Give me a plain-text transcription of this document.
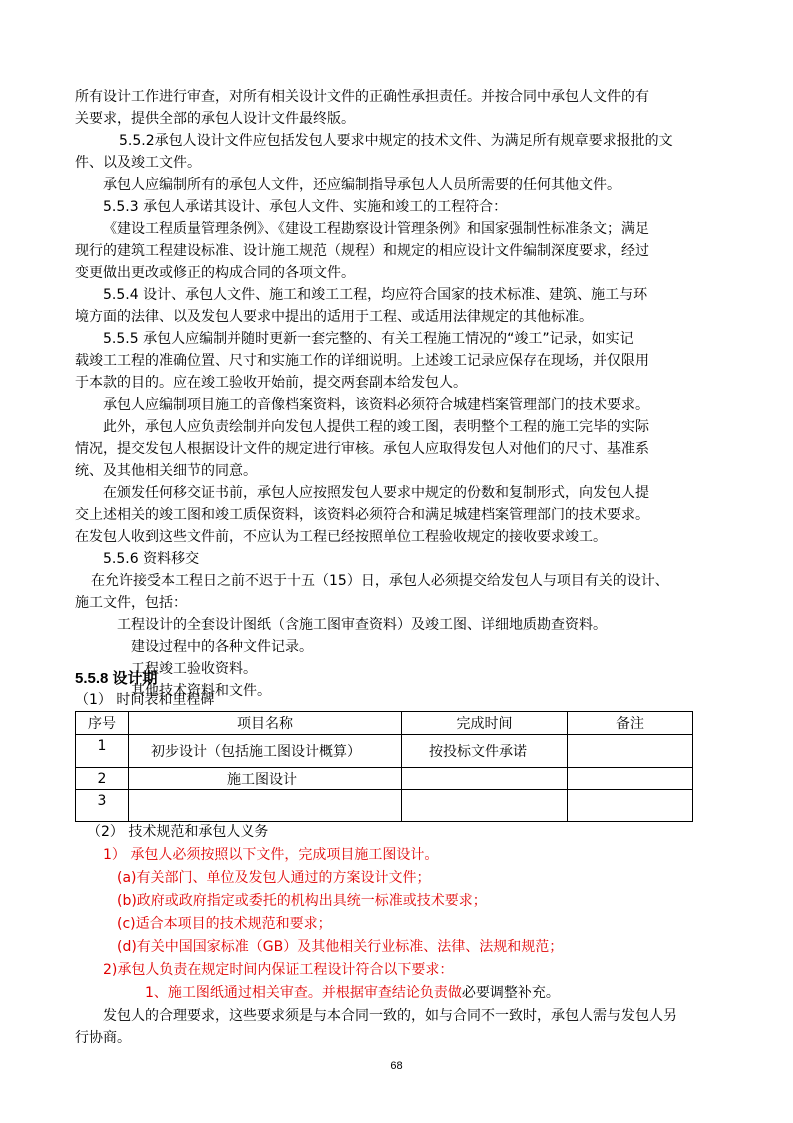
所有设计工作进行审查，对所有相关设计文件的正确性承担责任。并按合同中承包人文件的有
关要求，提供全部的承包人设计文件最终版。
5.5.2承包人设计文件应包括发包人要求中规定的技术文件、为满足所有规章要求报批的文
件、以及竣工文件。
承包人应编制所有的承包人文件，还应编制指导承包人人员所需要的任何其他文件。
5.5.3 承包人承诺其设计、承包人文件、实施和竣工的工程符合：
《建设工程质量管理条例》、《建设工程勘察设计管理条例》和国家强制性标准条文；满足
现行的建筑工程建设标准、设计施工规范（规程）和规定的相应设计文件编制深度要求，经过
变更做出更改或修正的构成合同的各项文件。
5.5.4 设计、承包人文件、施工和竣工工程，均应符合国家的技术标准、建筑、施工与环
境方面的法律、以及发包人要求中提出的适用于工程、或适用法律规定的其他标准。
5.5.5 承包人应编制并随时更新一套完整的、有关工程施工情况的“竣工”记录，如实记
载竣工工程的准确位置、尺寸和实施工作的详细说明。上述竣工记录应保存在现场，并仅限用
于本款的目的。应在竣工验收开始前，提交两套副本给发包人。
承包人应编制项目施工的音像档案资料，该资料必须符合城建档案管理部门的技术要求。
此外，承包人应负责绘制并向发包人提供工程的竣工图，表明整个工程的施工完毕的实际
情况，提交发包人根据设计文件的规定进行审核。承包人应取得发包人对他们的尺寸、基准系
统、及其他相关细节的同意。
在颁发任何移交证书前，承包人应按照发包人要求中规定的份数和复制形式，向发包人提
交上述相关的竣工图和竣工质保资料，该资料必须符合和满足城建档案管理部门的技术要求。
在发包人收到这些文件前，不应认为工程已经按照单位工程验收规定的接收要求竣工。
5.5.6 资料移交
在允许接受本工程日之前不迟于十五（15）日，承包人必须提交给发包人与项目有关的设计、
施工文件，包括：
工程设计的全套设计图纸（含施工图审查资料）及竣工图、详细地质勘查资料。
建设过程中的各种文件记录。
工程竣工验收资料。
其他技术资料和文件。
5.5.8 设计期
（1） 时间表和里程碑
序号	项目名称	完成时间	备注
1	初步设计（包括施工图设计概算）	按投标文件承诺	
2	施工图设计		
3			
（2） 技术规范和承包人义务
1） 承包人必须按照以下文件，完成项目施工图设计。
(a)有关部门、单位及发包人通过的方案设计文件；
(b)政府或政府指定或委托的机构出具统一标准或技术要求；
(c)适合本项目的技术规范和要求；
(d)有关中国国家标准（GB）及其他相关行业标准、法律、法规和规范；
2)承包人负责在规定时间内保证工程设计符合以下要求：
1、施工图纸通过相关审查。并根据审查结论负责做必要调整补充。
发包人的合理要求，这些要求须是与本合同一致的，如与合同不一致时，承包人需与发包人另
行协商。
68
